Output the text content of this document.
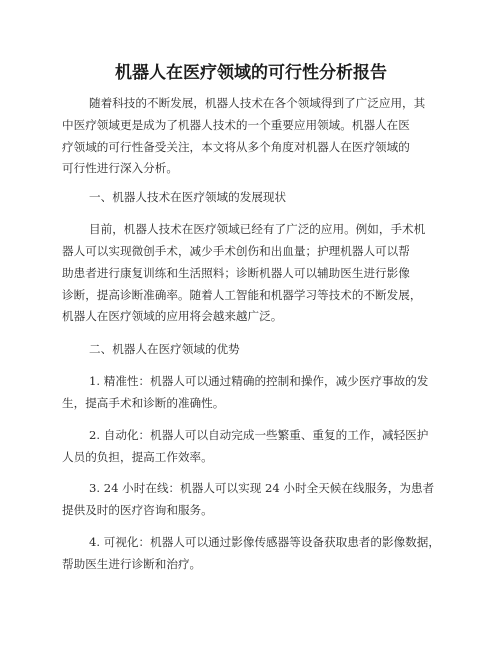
机器人在医疗领域的可行性分析报告
随着科技的不断发展，机器人技术在各个领域得到了广泛应用，其
中医疗领域更是成为了机器人技术的一个重要应用领域。机器人在医
疗领域的可行性备受关注，本文将从多个角度对机器人在医疗领域的
可行性进行深入分析。
一、机器人技术在医疗领域的发展现状
目前，机器人技术在医疗领域已经有了广泛的应用。例如，手术机
器人可以实现微创手术，减少手术创伤和出血量；护理机器人可以帮
助患者进行康复训练和生活照料；诊断机器人可以辅助医生进行影像
诊断，提高诊断准确率。随着人工智能和机器学习等技术的不断发展，
机器人在医疗领域的应用将会越来越广泛。
二、机器人在医疗领域的优势
1. 精准性：机器人可以通过精确的控制和操作，减少医疗事故的发
生，提高手术和诊断的准确性。
2. 自动化：机器人可以自动完成一些繁重、重复的工作，减轻医护
人员的负担，提高工作效率。
3. 24 小时在线：机器人可以实现 24 小时全天候在线服务，为患者
提供及时的医疗咨询和服务。
4. 可视化：机器人可以通过影像传感器等设备获取患者的影像数据，
帮助医生进行诊断和治疗。
